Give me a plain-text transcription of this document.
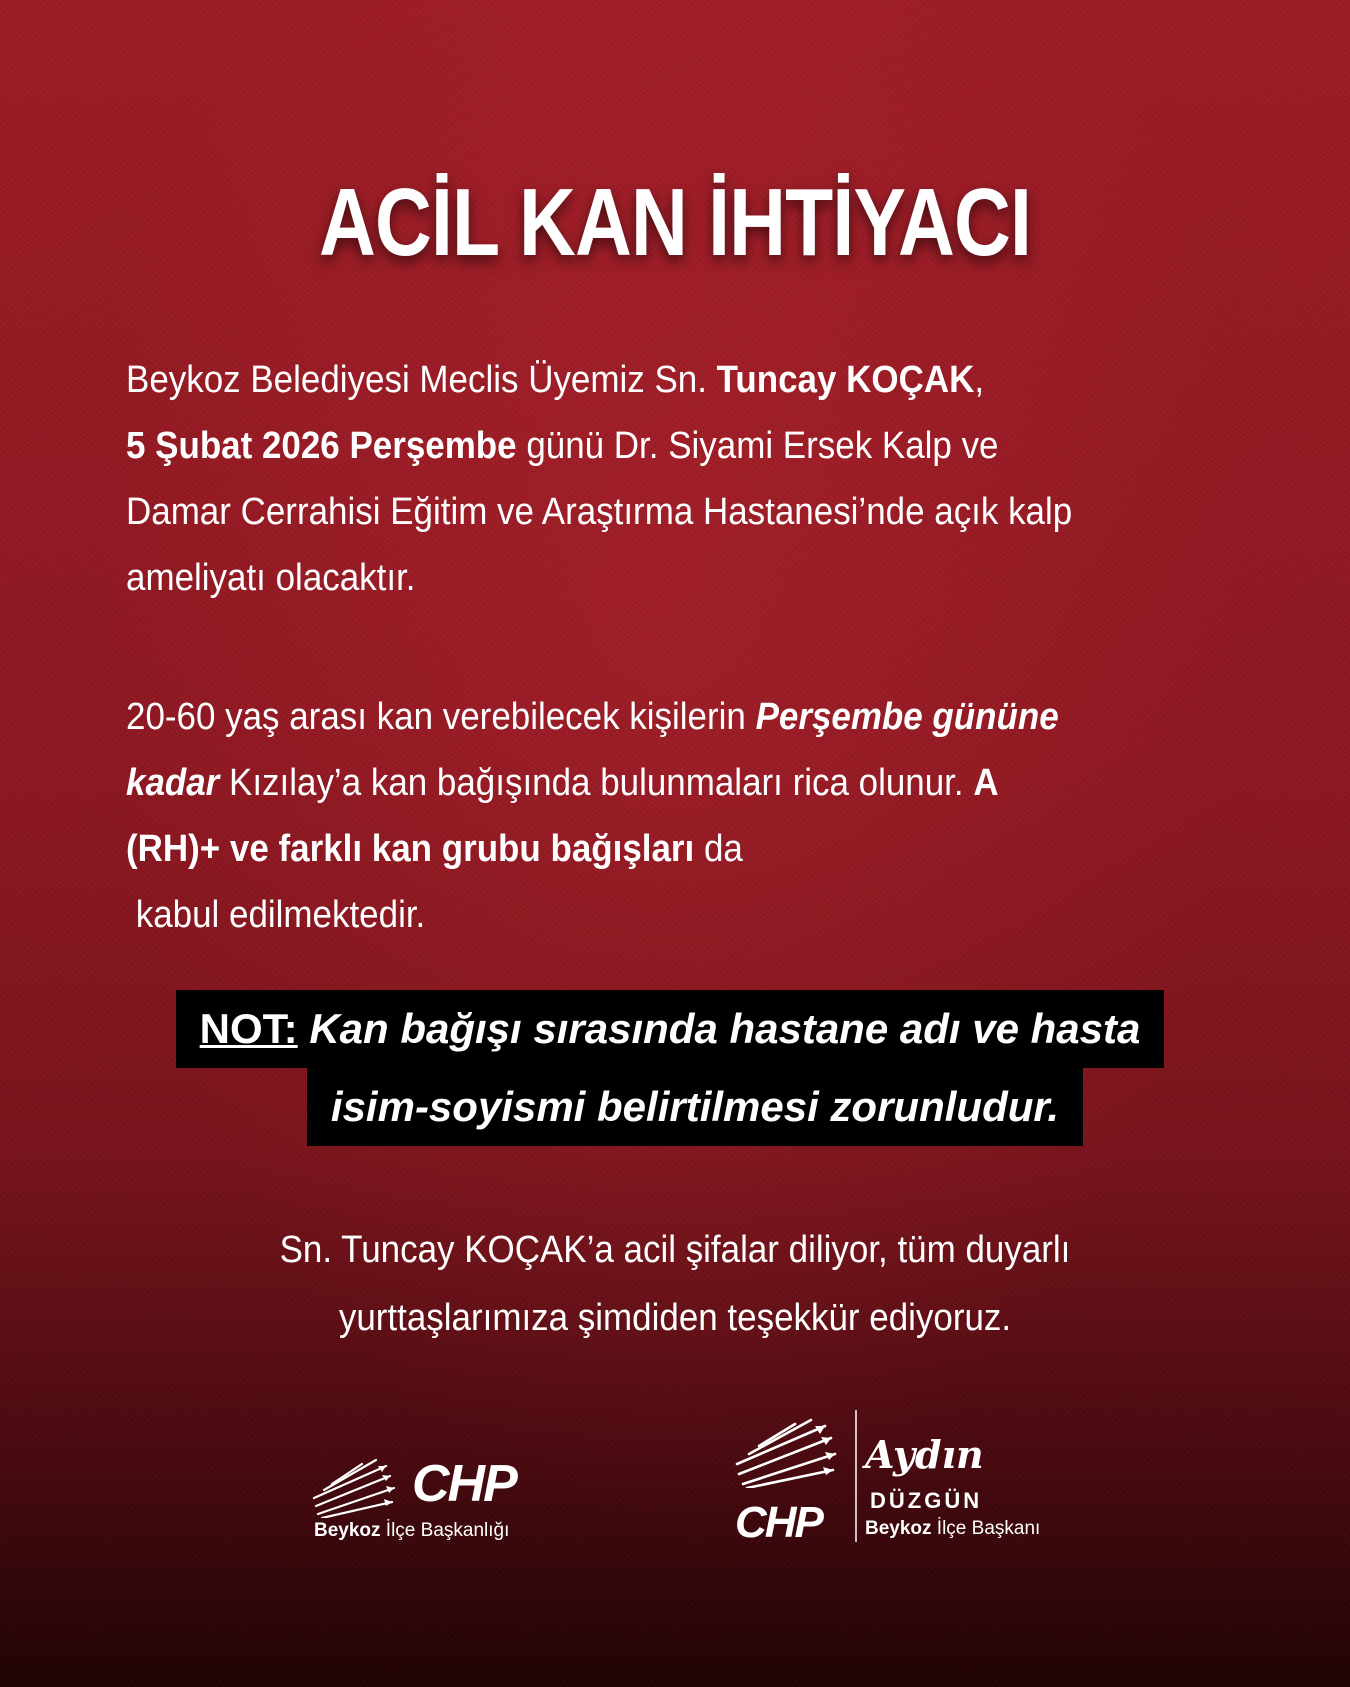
ACİL KAN İHTİYACI
Beykoz Belediyesi Meclis Üyemiz Sn. Tuncay KOÇAK,
5 Şubat 2026 Perşembe günü Dr. Siyami Ersek Kalp ve
Damar Cerrahisi Eğitim ve Araştırma Hastanesi’nde açık kalp
ameliyatı olacaktır.
20-60 yaş arası kan verebilecek kişilerin Perşembe gününe
kadar Kızılay’a kan bağışında bulunmaları rica olunur. A
(RH)+ ve farklı kan grubu bağışları da
kabul edilmektedir.
NOT: Kan bağışı sırasında hastane adı ve hasta
isim-soyismi belirtilmesi zorunludur.
Sn. Tuncay KOÇAK’a acil şifalar diliyor, tüm duyarlı
yurttaşlarımıza şimdiden teşekkür ediyoruz.
CHP
Beykoz İlçe Başkanlığı	CHP
Aydın
DÜZGÜN
Beykoz İlçe Başkanı
